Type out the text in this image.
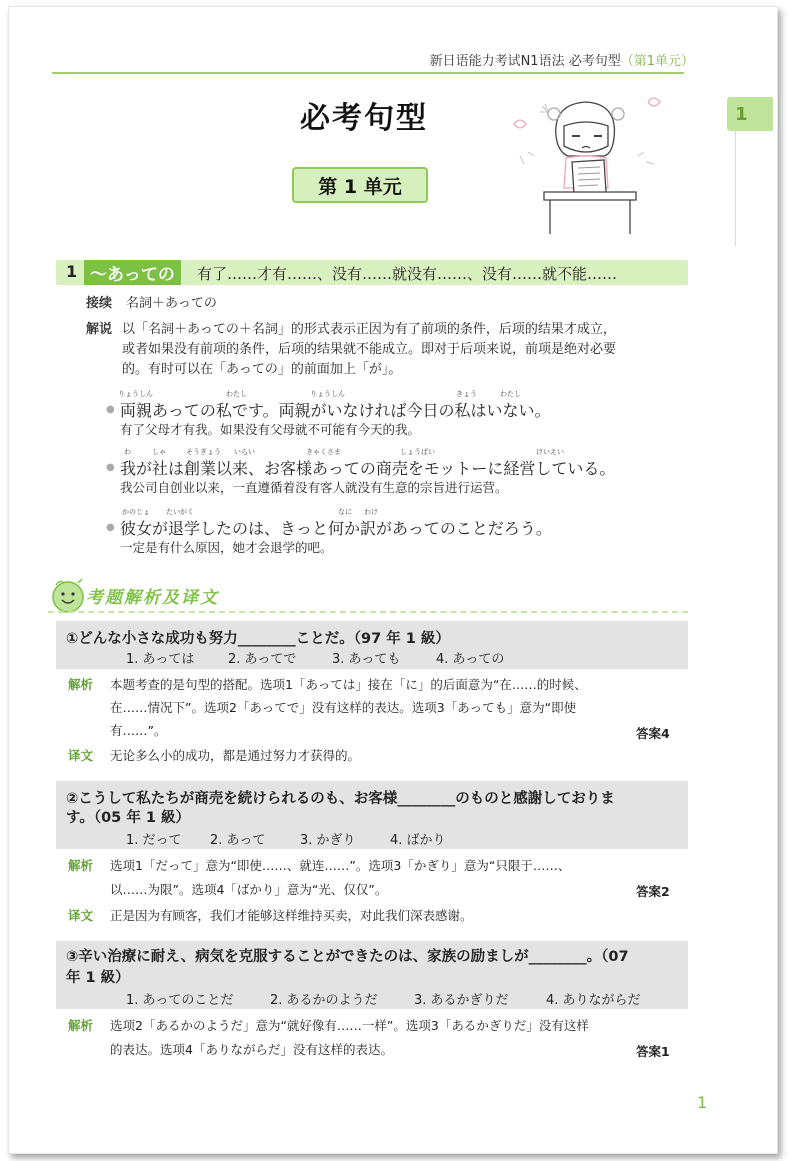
新日语能力考试N1语法 必考句型（第1单元）
1
必考句型
第 1 单元
1 ～あっての 有了……才有……、没有……就没有……、没有……就不能……
接续 名詞＋あっての
解说 以「名詞＋あっての＋名詞」的形式表示正因为有了前项的条件，后项的结果才成立，
或者如果没有前项的条件，后项的结果就不能成立。即对于后项来说，前项是绝对必要
的。有时可以在「あっての」的前面加上「が」。
りょうしん	わたし	りょうしん	きょう	わたし
● 両親あっての私です。両親がいなければ今日の私はいない。
有了父母才有我。如果没有父母就不可能有今天的我。
わ	しゃ	そうぎょう いらい	きゃくさま	しょうばい	けいえい
● 我が社は創業以来、お客様あっての商売をモットーに経営している。
我公司自创业以来，一直遵循着没有客人就没有生意的宗旨进行运营。
かのじょ たいがく	なに わけ
● 彼女が退学したのは、きっと何か訳があってのことだろう。
一定是有什么原因，她才会退学的吧。
考题解析及译文
①どんな小さな成功も努力________ことだ。（97 年 1 級）
1. あっては	2. あってで	3. あっても	4. あっての
解析 本题考查的是句型的搭配。选项1「あっては」接在「に」的后面意为“在……的时候、
在……情况下”。选项2「あってで」没有这样的表达。选项3「あっても」意为“即使
有……”。	答案4
译文 无论多么小的成功，都是通过努力才获得的。
②こうして私たちが商売を続けられるのも、お客様________のものと感謝しておりま
す。（05 年 1 級）
1. だって 2. あって	3. かぎり	4. ばかり
解析 选项1「だって」意为“即使……、就连……”。选项3「かぎり」意为“只限于……、
以……为限”。选项4「ばかり」意为“光、仅仅”。	答案2
译文 正是因为有顾客，我们才能够这样维持买卖，对此我们深表感谢。
③辛い治療に耐え、病気を克服することができたのは、家族の励ましが________。（07
年 1 級）
1. あってのことだ	2. あるかのようだ	3. あるかぎりだ	4. ありながらだ
解析 选项2「あるかのようだ」意为“就好像有……一样”。选项3「あるかぎりだ」没有这样
的表达。选项4「ありながらだ」没有这样的表达。	答案1
1
